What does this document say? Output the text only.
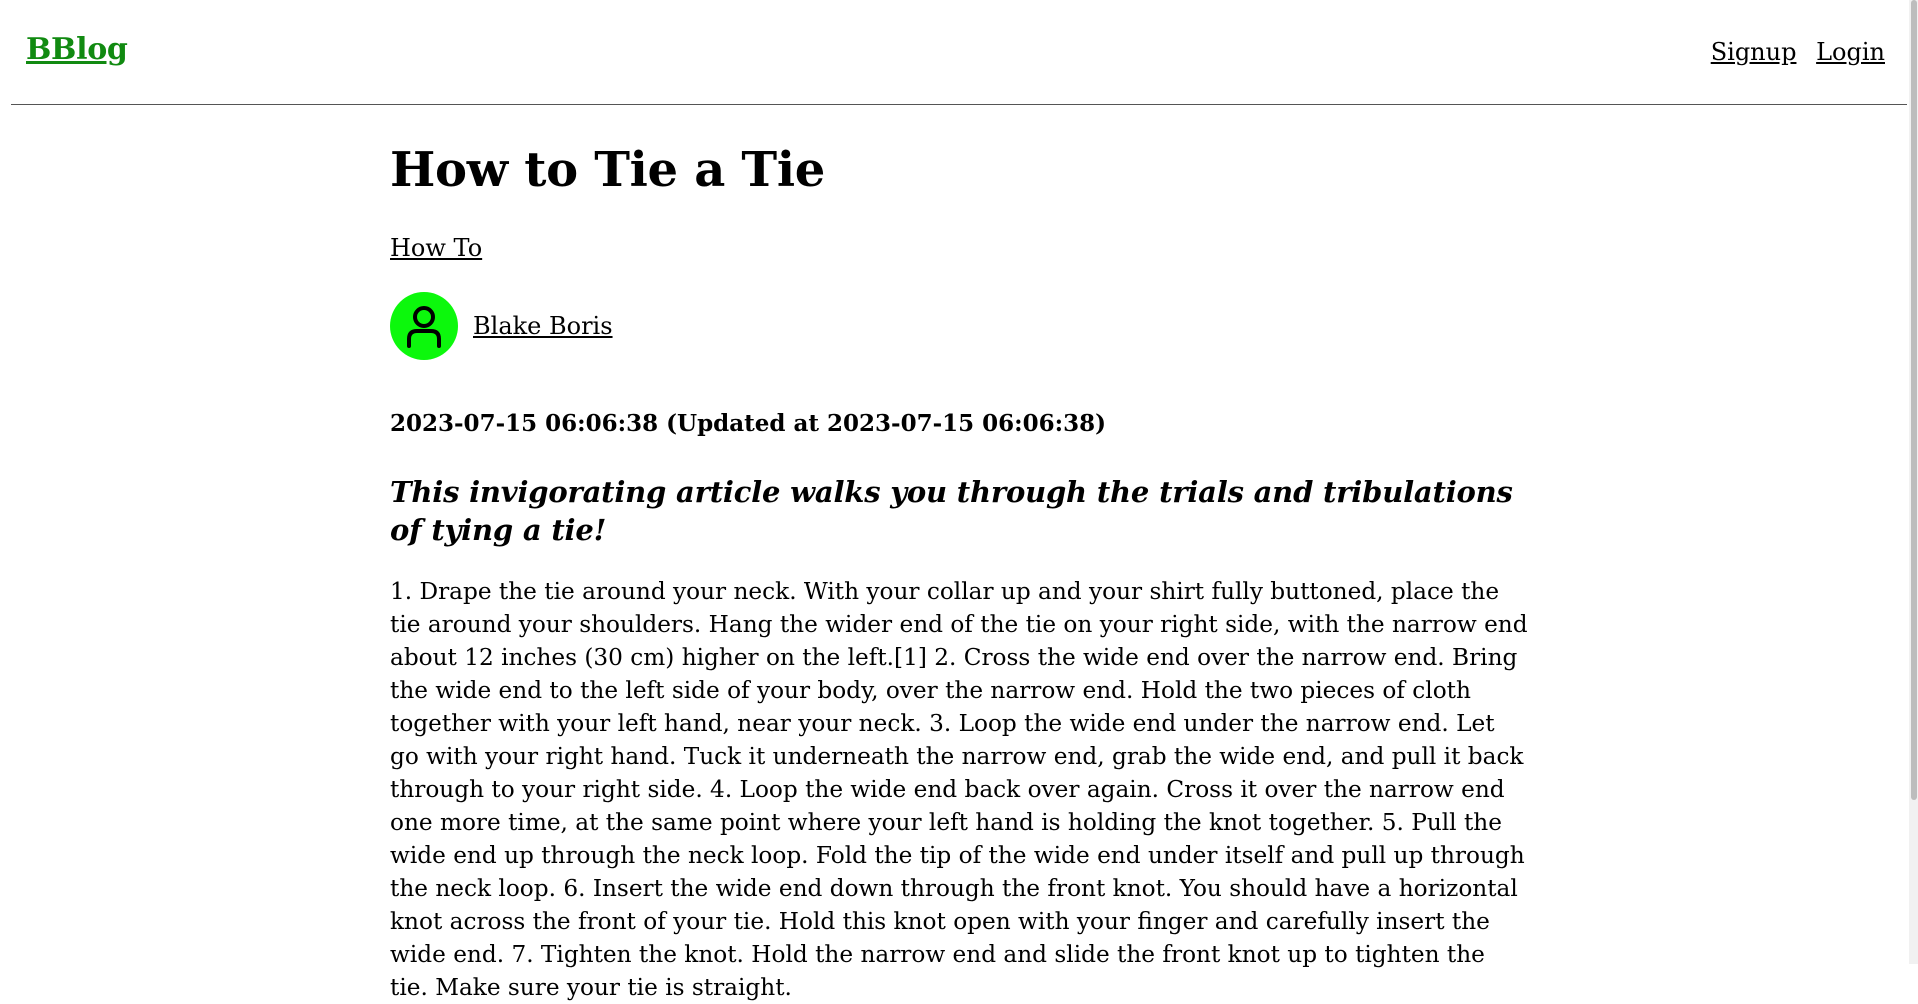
BBlog	Signup Login
How to Tie a Tie
How To
Blake Boris
2023-07-15 06:06:38 (Updated at 2023-07-15 06:06:38)
This invigorating article walks you through the trials and tribulations of tying a tie!
1. Drape the tie around your neck. With your collar up and your shirt fully buttoned, place the tie around your shoulders. Hang the wider end of the tie on your right side, with the narrow end about 12 inches (30 cm) higher on the left.[1] 2. Cross the wide end over the narrow end. Bring the wide end to the left side of your body, over the narrow end. Hold the two pieces of cloth together with your left hand, near your neck. 3. Loop the wide end under the narrow end. Let go with your right hand. Tuck it underneath the narrow end, grab the wide end, and pull it back through to your right side. 4. Loop the wide end back over again. Cross it over the narrow end one more time, at the same point where your left hand is holding the knot together. 5. Pull the wide end up through the neck loop. Fold the tip of the wide end under itself and pull up through the neck loop. 6. Insert the wide end down through the front knot. You should have a horizontal knot across the front of your tie. Hold this knot open with your finger and carefully insert the wide end. 7. Tighten the knot. Hold the narrow end and slide the front knot up to tighten the tie. Make sure your tie is straight.
